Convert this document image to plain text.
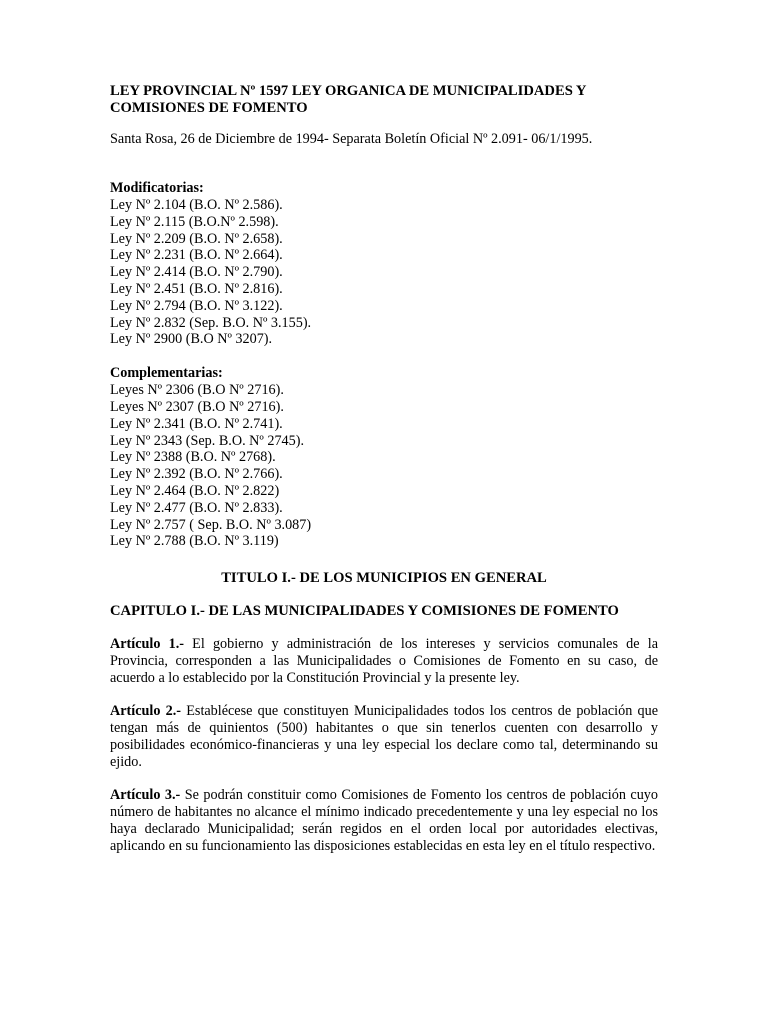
LEY PROVINCIAL Nº 1597 LEY ORGANICA DE MUNICIPALIDADES Y COMISIONES DE FOMENTO

Santa Rosa, 26 de Diciembre de 1994- Separata Boletín Oficial Nº 2.091- 06/1/1995.

Modificatorias:

Ley Nº 2.104 (B.O. Nº 2.586).
Ley Nº 2.115 (B.O.Nº 2.598).
Ley Nº 2.209 (B.O. Nº 2.658).
Ley Nº 2.231 (B.O. Nº 2.664).
Ley Nº 2.414 (B.O. Nº 2.790).
Ley Nº 2.451 (B.O. Nº 2.816).
Ley Nº 2.794 (B.O. Nº 3.122).
Ley Nº 2.832 (Sep. B.O. Nº 3.155).
Ley Nº 2900 (B.O Nº 3207).

Complementarias:

Leyes Nº 2306 (B.O Nº 2716).
Leyes Nº 2307 (B.O Nº 2716).
Ley Nº 2.341 (B.O. Nº 2.741).
Ley Nº 2343 (Sep. B.O. Nº 2745).
Ley Nº 2388 (B.O. Nº 2768).
Ley Nº 2.392 (B.O. Nº 2.766).
Ley Nº 2.464 (B.O. Nº 2.822)
Ley Nº 2.477 (B.O. Nº 2.833).
Ley Nº 2.757 ( Sep. B.O. Nº 3.087)
Ley Nº 2.788 (B.O. Nº 3.119)

TITULO I.- DE LOS MUNICIPIOS EN GENERAL

CAPITULO I.- DE LAS MUNICIPALIDADES Y COMISIONES DE FOMENTO

Artículo 1.- El gobierno y administración de los intereses y servicios comunales de la Provincia, corresponden a las Municipalidades o Comisiones de Fomento en su caso, de acuerdo a lo establecido por la Constitución Provincial y la presente ley.

Artículo 2.- Establécese que constituyen Municipalidades todos los centros de población que tengan más de quinientos (500) habitantes o que sin tenerlos cuenten con desarrollo y posibilidades económico-financieras y una ley especial los declare como tal, determinando su ejido.

Artículo 3.- Se podrán constituir como Comisiones de Fomento los centros de población cuyo número de habitantes no alcance el mínimo indicado precedentemente y una ley especial no los haya declarado Municipalidad; serán regidos en el orden local por autoridades electivas, aplicando en su funcionamiento las disposiciones establecidas en esta ley en el título respectivo.
